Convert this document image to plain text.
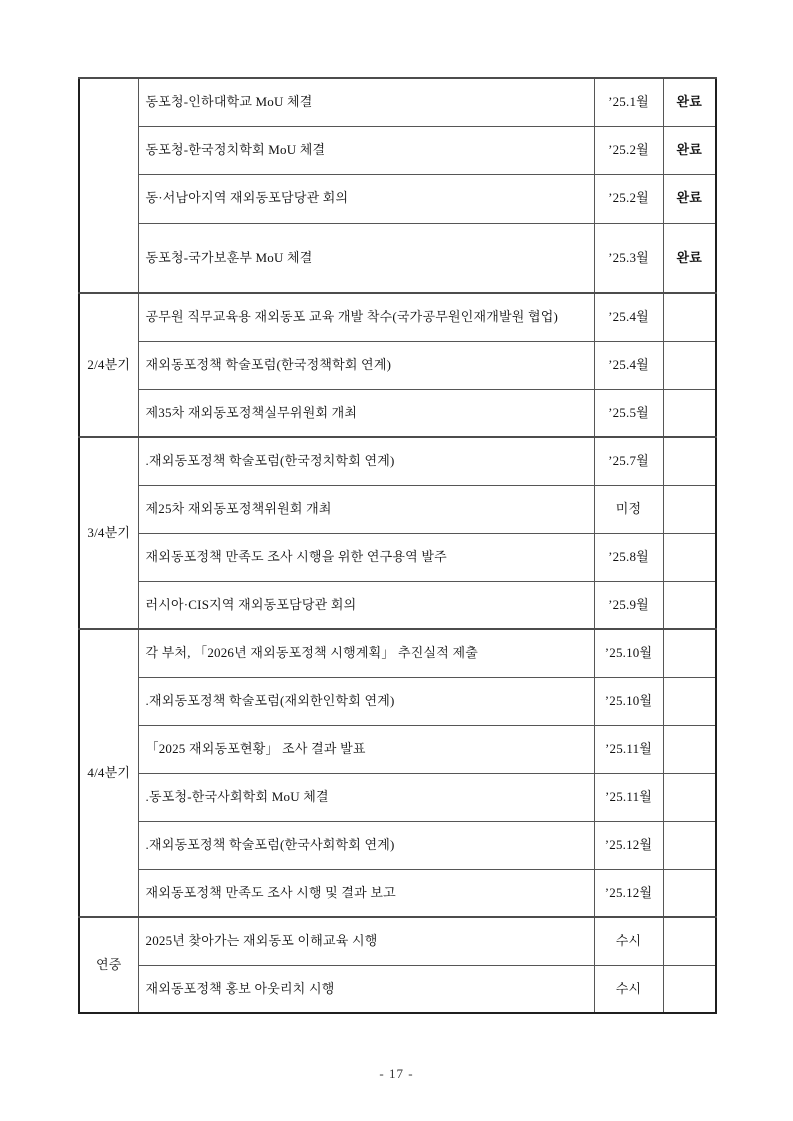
	동포청-인하대학교 MoU 체결	’25.1월	완료
	동포청-한국정치학회 MoU 체결	’25.2월	완료
	동·서남아지역 재외동포담당관 회의	’25.2월	완료
	동포청-국가보훈부 MoU 체결	’25.3월	완료
2/4분기	공무원 직무교육용 재외동포 교육 개발 착수(국가공무원인재개발원 협업)	’25.4월	
	재외동포정책 학술포럼(한국정책학회 연계)	’25.4월	
	제35차 재외동포정책실무위원회 개최	’25.5월	
3/4분기	.재외동포정책 학술포럼(한국정치학회 연계)	’25.7월	
	제25차 재외동포정책위원회 개최	미정	
	재외동포정책 만족도 조사 시행을 위한 연구용역 발주	’25.8월	
	러시아·CIS지역 재외동포담당관 회의	’25.9월	
4/4분기	각 부처, 「2026년 재외동포정책 시행계획」 추진실적 제출	’25.10월	
	.재외동포정책 학술포럼(재외한인학회 연계)	’25.10월	
	「2025 재외동포현황」 조사 결과 발표	’25.11월	
	.동포청-한국사회학회 MoU 체결	’25.11월	
	.재외동포정책 학술포럼(한국사회학회 연계)	’25.12월	
	재외동포정책 만족도 조사 시행 및 결과 보고	’25.12월	
연중	2025년 찾아가는 재외동포 이해교육 시행	수시	
	재외동포정책 홍보 아웃리치 시행	수시	
- 17 -
